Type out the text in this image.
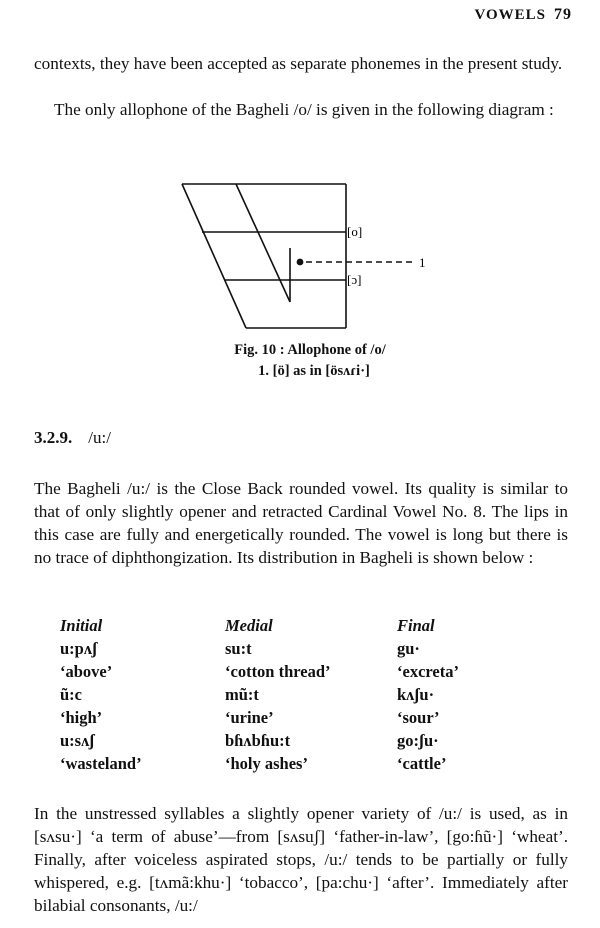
VOWELS 79

contexts, they have been accepted as separate phonemes in the present study.

The only allophone of the Bagheli /o/ is given in the following diagram :

[o]
[ɔ]
1
Fig. 10 : Allophone of /o/
1. [ö] as in [ösʌɾi·]
3.2.9. /u:/

The Bagheli /u:/ is the Close Back rounded vowel. Its quality is similar to that of only slightly opener and retracted Cardinal Vowel No. 8. The lips in this case are fully and energetically rounded. The vowel is long but there is no trace of diphthongization. Its distribution in Bagheli is shown below :

Initial	Medial	Final
u:pʌʃ	su:t	gu·
‘above’	‘cotton thread’	‘excreta’
ũ:c	mũ:t	kʌʃu·
‘high’	‘urine’	‘sour’
u:sʌʃ	bɦʌbɦu:t	go:ʃu·
‘wasteland’	‘holy ashes’	‘cattle’

In the unstressed syllables a slightly opener variety of /u:/ is used, as in [sʌsu·] ‘a term of abuse’—from [sʌsuʃ] ‘father-in-law’, [go:ɦũ·] ‘wheat’. Finally, after voiceless aspirated stops, /u:/ tends to be partially or fully whispered, e.g. [tʌmã:khu·] ‘tobacco’, [pa:chu·] ‘after’. Immediately after bilabial consonants, /u:/
